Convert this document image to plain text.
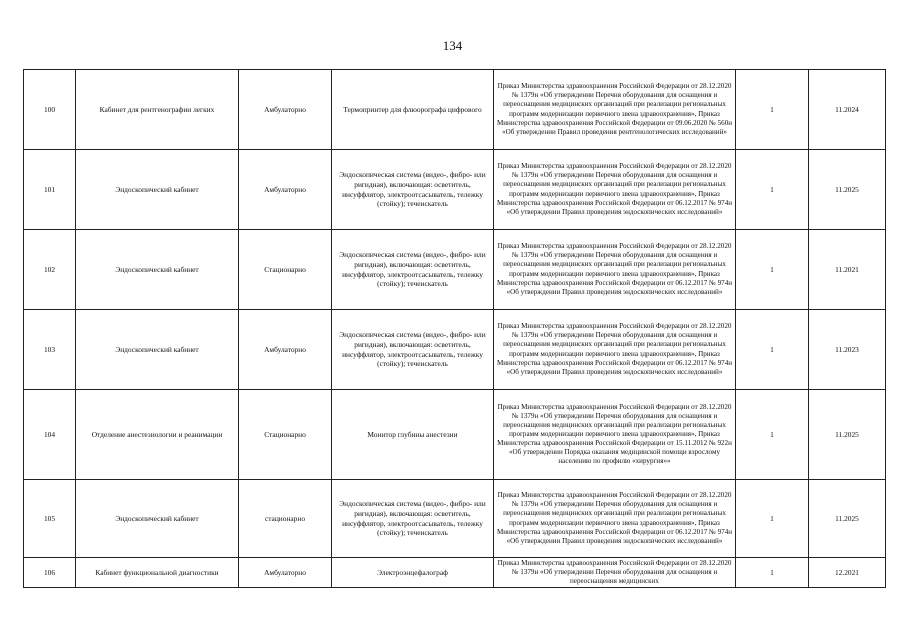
134
100	Кабинет для рентгенографии легких	Амбулаторно	Термопринтер для флюорографа цифрового	Приказ Министерства здравоохранения Российской Федерации от 28.12.2020 № 1379н «Об утверждении Перечня оборудования для оснащения и переоснащения медицинских организаций при реализации региональных программ модернизации первичного звена здравоохранения», Приказ Министерства здравоохранения Российской Федерации от 09.06.2020 № 560н «Об утверждении Правил проведения рентгенологических исследований»	1	11.2024
101	Эндоскопический кабинет	Амбулаторно	Эндоскопическая система (видео-, фибро- или ригидная), включающая: осветитель, инсуффлятор, электроотсасыватель, тележку (стойку); течеискатель	Приказ Министерства здравоохранения Российской Федерации от 28.12.2020 № 1379н «Об утверждении Перечня оборудования для оснащения и переоснащения медицинских организаций при реализации региональных программ модернизации первичного звена здравоохранения», Приказ Министерства здравоохранения Российской Федерации от 06.12.2017 № 974н «Об утверждении Правил проведения эндоскопических исследований»	1	11.2025
102	Эндоскопический кабинет	Стационарно	Эндоскопическая система (видео-, фибро- или ригидная), включающая: осветитель, инсуффлятор, электроотсасыватель, тележку (стойку); течеискатель	Приказ Министерства здравоохранения Российской Федерации от 28.12.2020 № 1379н «Об утверждении Перечня оборудования для оснащения и переоснащения медицинских организаций при реализации региональных программ модернизации первичного звена здравоохранения», Приказ Министерства здравоохранения Российской Федерации от 06.12.2017 № 974н «Об утверждении Правил проведения эндоскопических исследований»	1	11.2021
103	Эндоскопический кабинет	Амбулаторно	Эндоскопическая система (видео-, фибро- или ригидная), включающая: осветитель, инсуффлятор, электроотсасыватель, тележку (стойку); течеискатель	Приказ Министерства здравоохранения Российской Федерации от 28.12.2020 № 1379н «Об утверждении Перечня оборудования для оснащения и переоснащения медицинских организаций при реализации региональных программ модернизации первичного звена здравоохранения», Приказ Министерства здравоохранения Российской Федерации от 06.12.2017 № 974н «Об утверждении Правил проведения эндоскопических исследований»	1	11.2023
104	Отделение анестезиологии и реанимации	Стационарно	Монитор глубины анестезии	Приказ Министерства здравоохранения Российской Федерации от 28.12.2020 № 1379н «Об утверждении Перечня оборудования для оснащения и переоснащения медицинских организаций при реализации региональных программ модернизации первичного звена здравоохранения», Приказ Министерства здравоохранения Российской Федерации от 15.11.2012 № 922н «Об утверждении Порядка оказания медицинской помощи взрослому населению по профилю «хирургия»»	1	11.2025
105	Эндоскопический кабинет	стационарно	Эндоскопическая система (видео-, фибро- или ригидная), включающая: осветитель, инсуффлятор, электроотсасыватель, тележку (стойку); течеискатель	Приказ Министерства здравоохранения Российской Федерации от 28.12.2020 № 1379н «Об утверждении Перечня оборудования для оснащения и переоснащения медицинских организаций при реализации региональных программ модернизации первичного звена здравоохранения», Приказ Министерства здравоохранения Российской Федерации от 06.12.2017 № 974н «Об утверждении Правил проведения эндоскопических исследований»	1	11.2025
106	Кабинет функциональной диагностики	Амбулаторно	Электроэнцефалограф	Приказ Министерства здравоохранения Российской Федерации от 28.12.2020 № 1379н «Об утверждении Перечня оборудования для оснащения и переоснащения медицинских	1	12.2021
